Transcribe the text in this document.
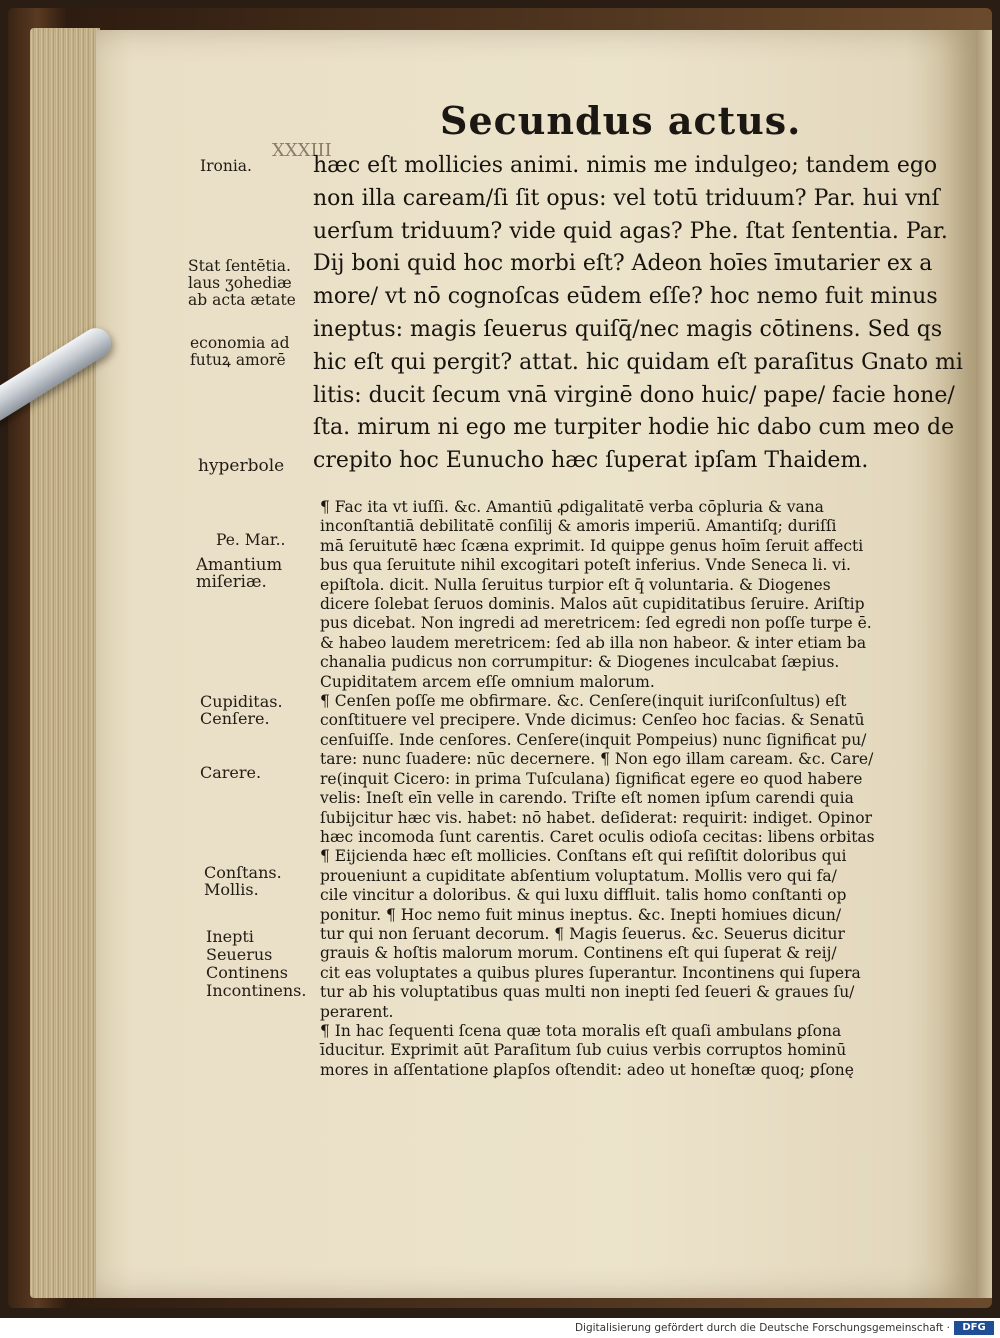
Secundus actus.
XXXIII
Ironia.
Stat ſentētia.
laus ʒohediæ
ab acta ætate
economia ad
futuꝝ amorē
hyperbole
Pe. Mar..
Amantium
miſeriæ.
Cupiditas.
Cenſere.
Carere.
Conſtans.
Mollis.
Inepti
Seuerus
Continens
Incontinens.
hæc eſt mollicies animi. nimis me indulgeo; tandem ego
non illa caream/ſi ſit opus: vel totū triduum? Par. hui vnſ
uerſum triduum? vide quid agas? Phe. ſtat ſententia. Par.
Dij boni quid hoc morbi eſt? Adeon hoīes īmutarier ex a
more/ vt nō cognoſcas eūdem eſſe? hoc nemo fuit minus
ineptus: magis ſeuerus quiſq̄/nec magis cōtinens. Sed qs
hic eſt qui pergit? attat. hic quidam eſt paraſitus Gnato mi
litis: ducit ſecum vnā virginē dono huic/ pape/ facie hone/
ſta. mirum ni ego me turpiter hodie hic dabo cum meo de
crepito hoc Eunucho hæc ſuperat ipſam Thaidem.
¶ Fac ita vt iuſſi. &c. Amantiū ꝓdigalitatē verba cōpluria & vana
inconſtantiā debilitatē conſilij & amoris imperiū. Amantiſq; duriſſi
mā ſeruitutē hæc ſcæna exprimit. Id quippe genus hoīm ſeruit affecti
bus qua ſeruitute nihil excogitari poteſt inferius. Vnde Seneca li. vi.
epiſtola. dicit. Nulla ſeruitus turpior eſt q̄ voluntaria. & Diogenes
dicere ſolebat ſeruos dominis. Malos aūt cupiditatibus ſeruire. Ariſtip
pus dicebat. Non ingredi ad meretricem: ſed egredi non poſſe turpe ē.
& habeo laudem meretricem: ſed ab illa non habeor. & inter etiam ba
chanalia pudicus non corrumpitur: & Diogenes inculcabat ſæpius.
Cupiditatem arcem eſſe omnium malorum.
¶ Cenſen poſſe me obfirmare. &c. Cenſere(inquit iuriſconſultus) eſt
conſtituere vel precipere. Vnde dicimus: Cenſeo hoc facias. & Senatū
cenſuiſſe. Inde cenſores. Cenſere(inquit Pompeius) nunc ſignificat pu/
tare: nunc ſuadere: nūc decernere. ¶ Non ego illam caream. &c. Care/
re(inquit Cicero: in prima Tuſculana) ſignificat egere eo quod habere
velis: Ineſt eīn velle in carendo. Triſte eſt nomen ipſum carendi quia
ſubijcitur hæc vis. habet: nō habet. deſiderat: requirit: indiget. Opinor
hæc incomoda ſunt carentis. Caret oculis odioſa cecitas: libens orbitas
¶ Eijcienda hæc eſt mollicies. Conſtans eſt qui reſiſtit doloribus qui
proueniunt a cupiditate abſentium voluptatum. Mollis vero qui fa/
cile vincitur a doloribus. & qui luxu diffluit. talis homo conſtanti op
ponitur. ¶ Hoc nemo fuit minus ineptus. &c. Inepti homiues dicun/
tur qui non ſeruant decorum. ¶ Magis ſeuerus. &c. Seuerus dicitur
grauis & hoſtis malorum morum. Continens eſt qui ſuperat & reij/
cit eas voluptates a quibus plures ſuperantur. Incontinens qui ſupera
tur ab his voluptatibus quas multi non inepti ſed ſeueri & graues ſu/
perarent.
¶ In hac ſequenti ſcena quæ tota moralis eſt quaſi ambulans ꝑſona
īducitur. Exprimit aūt Paraſitum ſub cuius verbis corruptos hominū
mores in aſſentatione ꝑlapſos oſtendit: adeo ut honeſtæ quoq; ꝑſonę
Digitalisierung gefördert durch die Deutsche Forschungsgemeinschaft ·	DFG
